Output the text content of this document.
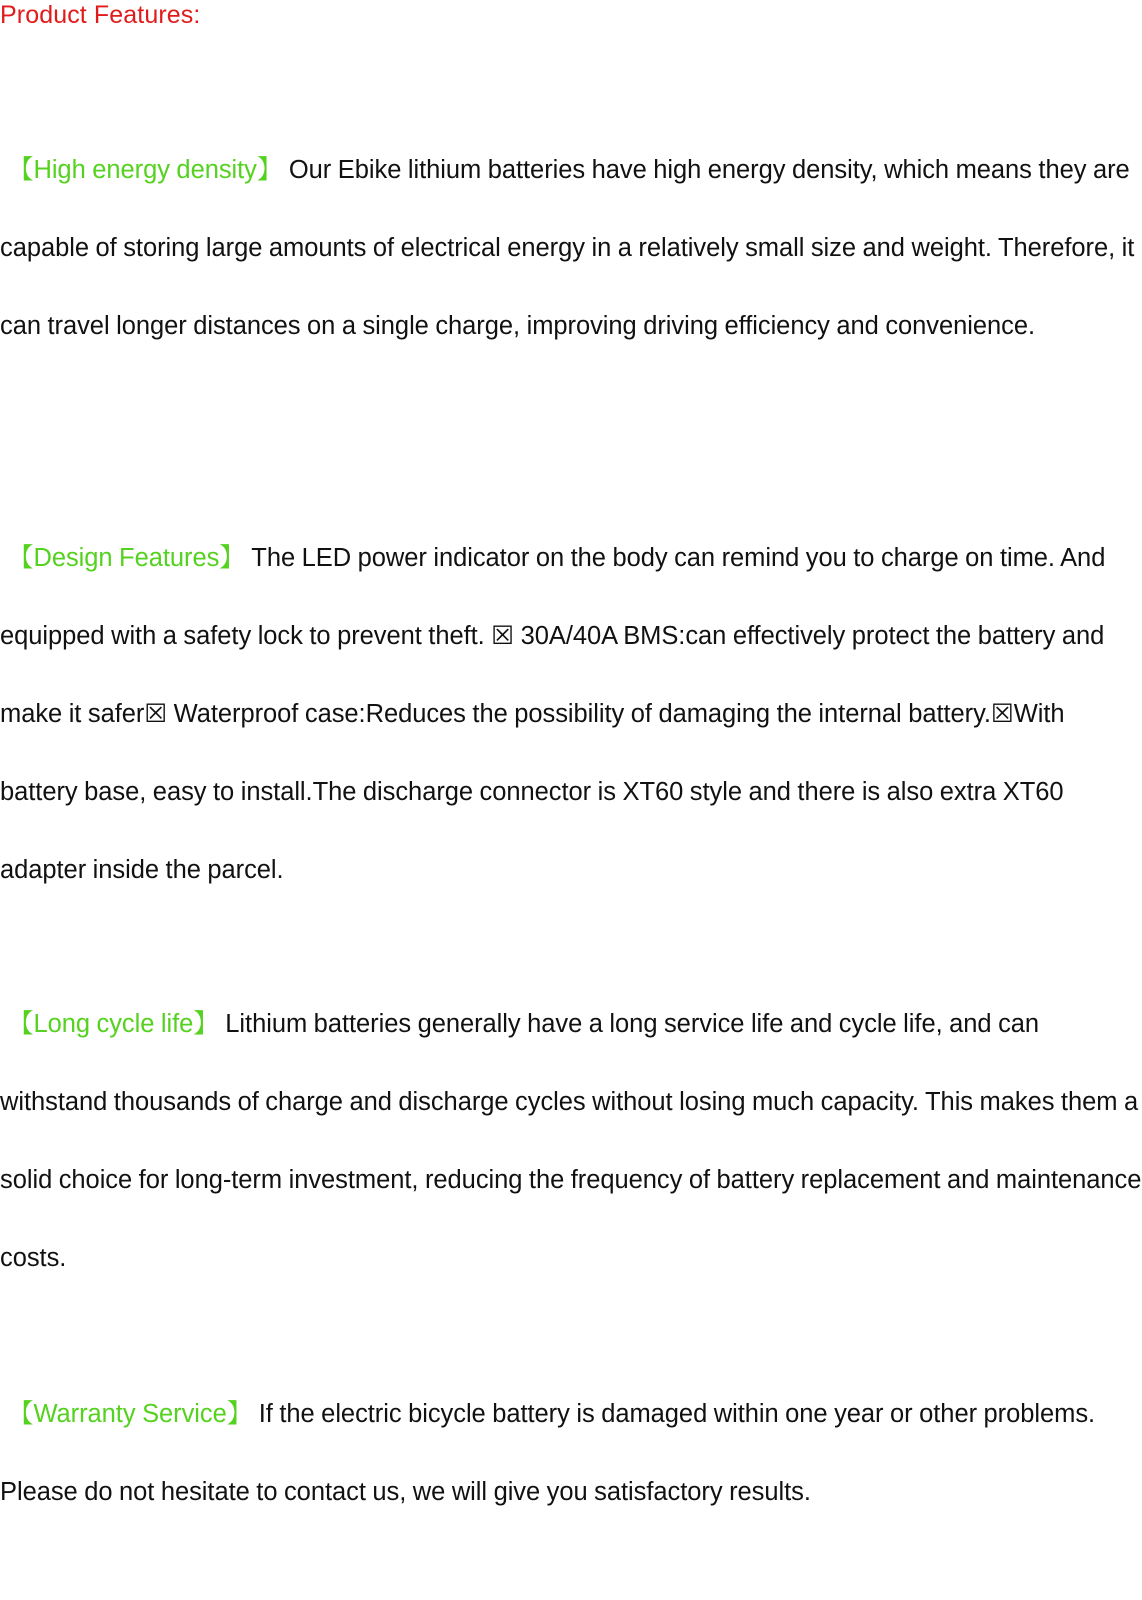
Product Features:

【High energy density】 Our Ebike lithium batteries have high energy density, which means they are capable of storing large amounts of electrical energy in a relatively small size and weight. Therefore, it can travel longer distances on a single charge, improving driving efficiency and convenience.

【Design Features】 The LED power indicator on the body can remind you to charge on time. And equipped with a safety lock to prevent theft. ☒ 30A/40A BMS:can effectively protect the battery and make it safer☒ Waterproof case:Reduces the possibility of damaging the internal battery.☒With battery base, easy to install.The discharge connector is XT60 style and there is also extra XT60 adapter inside the parcel.

【Long cycle life】 Lithium batteries generally have a long service life and cycle life, and can withstand thousands of charge and discharge cycles without losing much capacity. This makes them a solid choice for long-term investment, reducing the frequency of battery replacement and maintenance costs.

【Warranty Service】 If the electric bicycle battery is damaged within one year or other problems. Please do not hesitate to contact us, we will give you satisfactory results.
